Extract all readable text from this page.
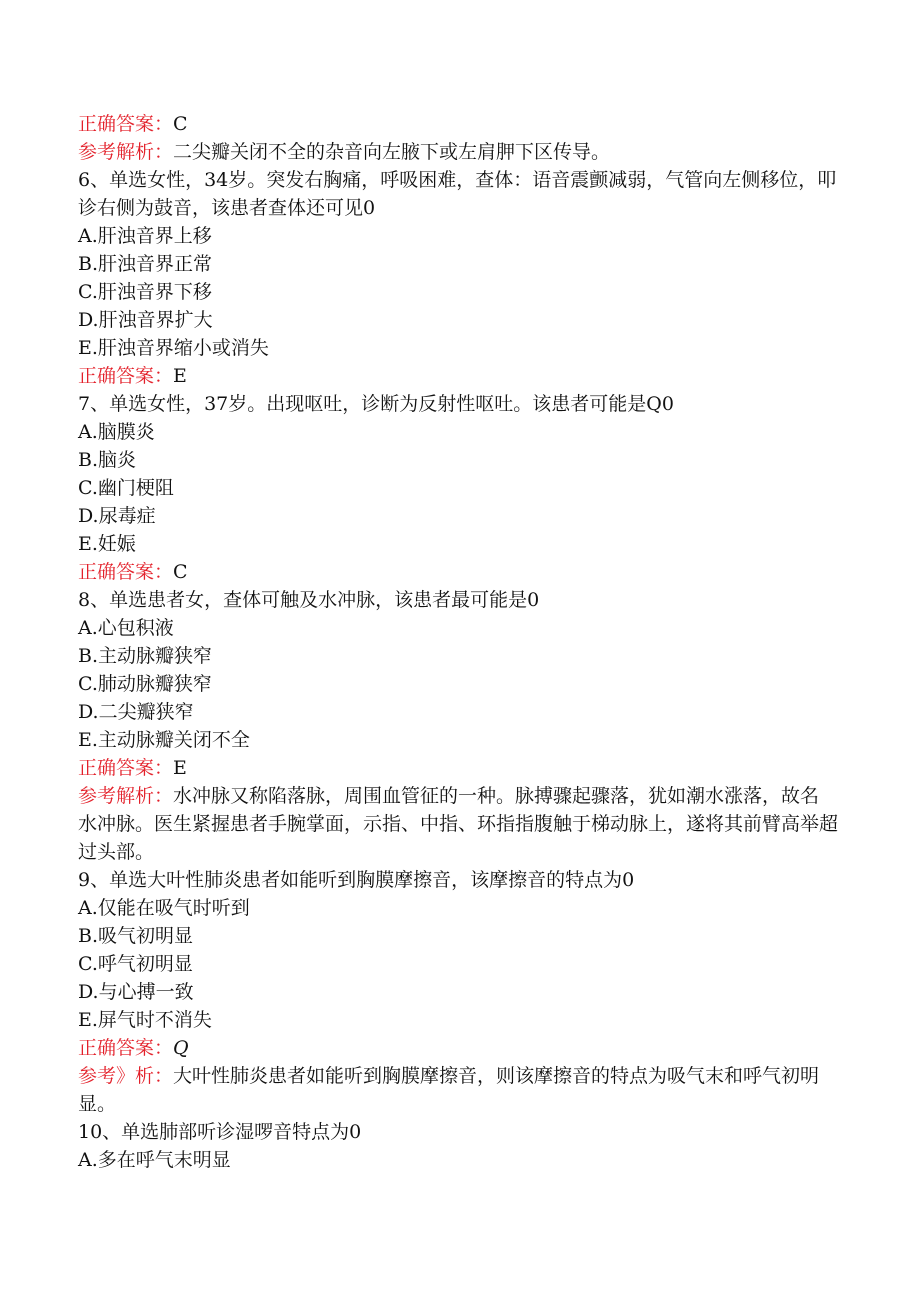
正确答案：C
参考解析：二尖瓣关闭不全的杂音向左腋下或左肩胛下区传导。
6、单选女性，34岁。突发右胸痛，呼吸困难，查体：语音震颤减弱，气管向左侧移位，叩诊右侧为鼓音，该患者查体还可见0
A.肝浊音界上移
B.肝浊音界正常
C.肝浊音界下移
D.肝浊音界扩大
E.肝浊音界缩小或消失
正确答案：E
7、单选女性，37岁。出现呕吐，诊断为反射性呕吐。该患者可能是Q0
A.脑膜炎
B.脑炎
C.幽门梗阻
D.尿毒症
E.妊娠
正确答案：C
8、单选患者女，查体可触及水冲脉，该患者最可能是0
A.心包积液
B.主动脉瓣狭窄
C.肺动脉瓣狭窄
D.二尖瓣狭窄
E.主动脉瓣关闭不全
正确答案：E
参考解析：水冲脉又称陷落脉，周围血管征的一种。脉搏骤起骤落，犹如潮水涨落，故名水冲脉。医生紧握患者手腕掌面，示指、中指、环指指腹触于梯动脉上，遂将其前臂高举超过头部。
9、单选大叶性肺炎患者如能听到胸膜摩擦音，该摩擦音的特点为0
A.仅能在吸气时听到
B.吸气初明显
C.呼气初明显
D.与心搏一致
E.屏气时不消失
正确答案：Q
参考》析：大叶性肺炎患者如能听到胸膜摩擦音，则该摩擦音的特点为吸气末和呼气初明显。
10、单选肺部听诊湿啰音特点为0
A.多在呼气末明显
